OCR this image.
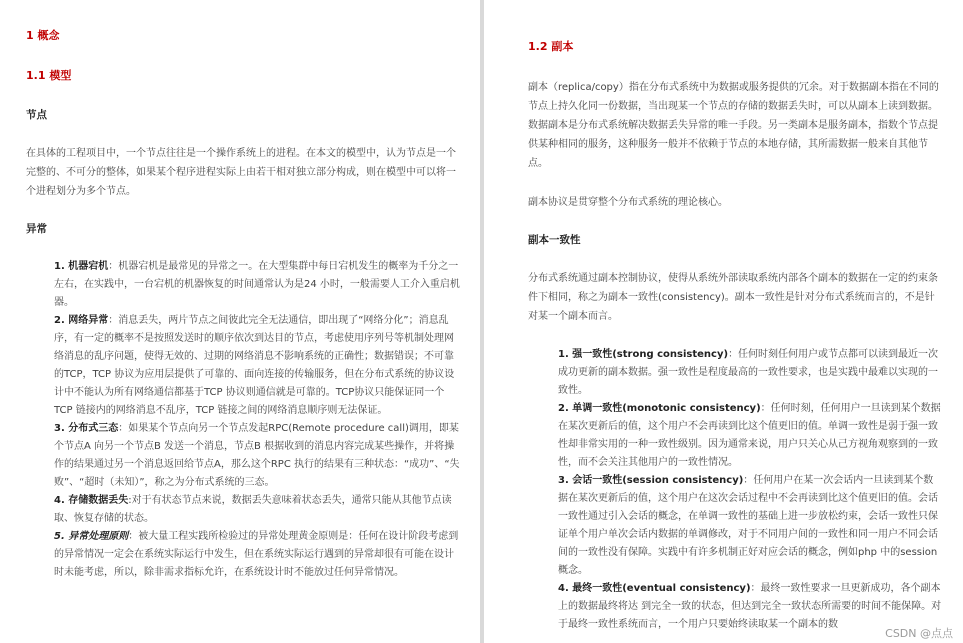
1 概念
1.1 模型
节点
在具体的工程项目中，一个节点往往是一个操作系统上的进程。在本文的模型中，认为节点是一个完整的、不可分的整体，如果某个程序进程实际上由若干相对独立部分构成，则在模型中可以将一个进程划分为多个节点。
异常
1. 机器宕机：机器宕机是最常见的异常之一。在大型集群中每日宕机发生的概率为千分之一左右，在实践中，一台宕机的机器恢复的时间通常认为是24 小时，一般需要人工介入重启机器。
2. 网络异常：消息丢失，两片节点之间彼此完全无法通信，即出现了“网络分化”；消息乱序，有一定的概率不是按照发送时的顺序依次到达目的节点，考虑使用序列号等机制处理网络消息的乱序问题，使得无效的、过期的网络消息不影响系统的正确性；数据错误；不可靠的TCP，TCP 协议为应用层提供了可靠的、面向连接的传输服务，但在分布式系统的协议设计中不能认为所有网络通信都基于TCP 协议则通信就是可靠的。TCP协议只能保证同一个TCP 链接内的网络消息不乱序，TCP 链接之间的网络消息顺序则无法保证。
3. 分布式三态：如果某个节点向另一个节点发起RPC(Remote procedure call)调用，即某个节点A 向另一个节点B 发送一个消息，节点B 根据收到的消息内容完成某些操作，并将操作的结果通过另一个消息返回给节点A，那么这个RPC 执行的结果有三种状态：“成功”、“失败”、“超时（未知）”，称之为分布式系统的三态。
4. 存储数据丢失:对于有状态节点来说，数据丢失意味着状态丢失，通常只能从其他节点读取、恢复存储的状态。
5. 异常处理原则：被大量工程实践所检验过的异常处理黄金原则是：任何在设计阶段考虑到的异常情况一定会在系统实际运行中发生，但在系统实际运行遇到的异常却很有可能在设计时未能考虑，所以，除非需求指标允许，在系统设计时不能放过任何异常情况。
1.2 副本
副本（replica/copy）指在分布式系统中为数据或服务提供的冗余。对于数据副本指在不同的节点上持久化同一份数据，当出现某一个节点的存储的数据丢失时，可以从副本上读到数据。数据副本是分布式系统解决数据丢失异常的唯一手段。另一类副本是服务副本，指数个节点提供某种相同的服务，这种服务一般并不依赖于节点的本地存储，其所需数据一般来自其他节点。
副本协议是贯穿整个分布式系统的理论核心。
副本一致性
分布式系统通过副本控制协议，使得从系统外部读取系统内部各个副本的数据在一定的约束条件下相同，称之为副本一致性(consistency)。副本一致性是针对分布式系统而言的，不是针对某一个副本而言。
1. 强一致性(strong consistency)：任何时刻任何用户或节点都可以读到最近一次成功更新的副本数据。强一致性是程度最高的一致性要求，也是实践中最难以实现的一致性。
2. 单调一致性(monotonic consistency)：任何时刻，任何用户一旦读到某个数据在某次更新后的值，这个用户不会再读到比这个值更旧的值。单调一致性是弱于强一致性却非常实用的一种一致性级别。因为通常来说，用户只关心从己方视角观察到的一致性，而不会关注其他用户的一致性情况。
3. 会话一致性(session consistency)：任何用户在某一次会话内一旦读到某个数据在某次更新后的值，这个用户在这次会话过程中不会再读到比这个值更旧的值。会话一致性通过引入会话的概念，在单调一致性的基础上进一步放松约束，会话一致性只保证单个用户单次会话内数据的单调修改，对于不同用户间的一致性和同一用户不同会话间的一致性没有保障。实践中有许多机制正好对应会话的概念，例如php 中的session 概念。
4. 最终一致性(eventual consistency)：最终一致性要求一旦更新成功，各个副本上的数据最终将达 到完全一致的状态，但达到完全一致状态所需要的时间不能保障。对于最终一致性系统而言，一个用户只要始终读取某一个副本的数
CSDN @点点
